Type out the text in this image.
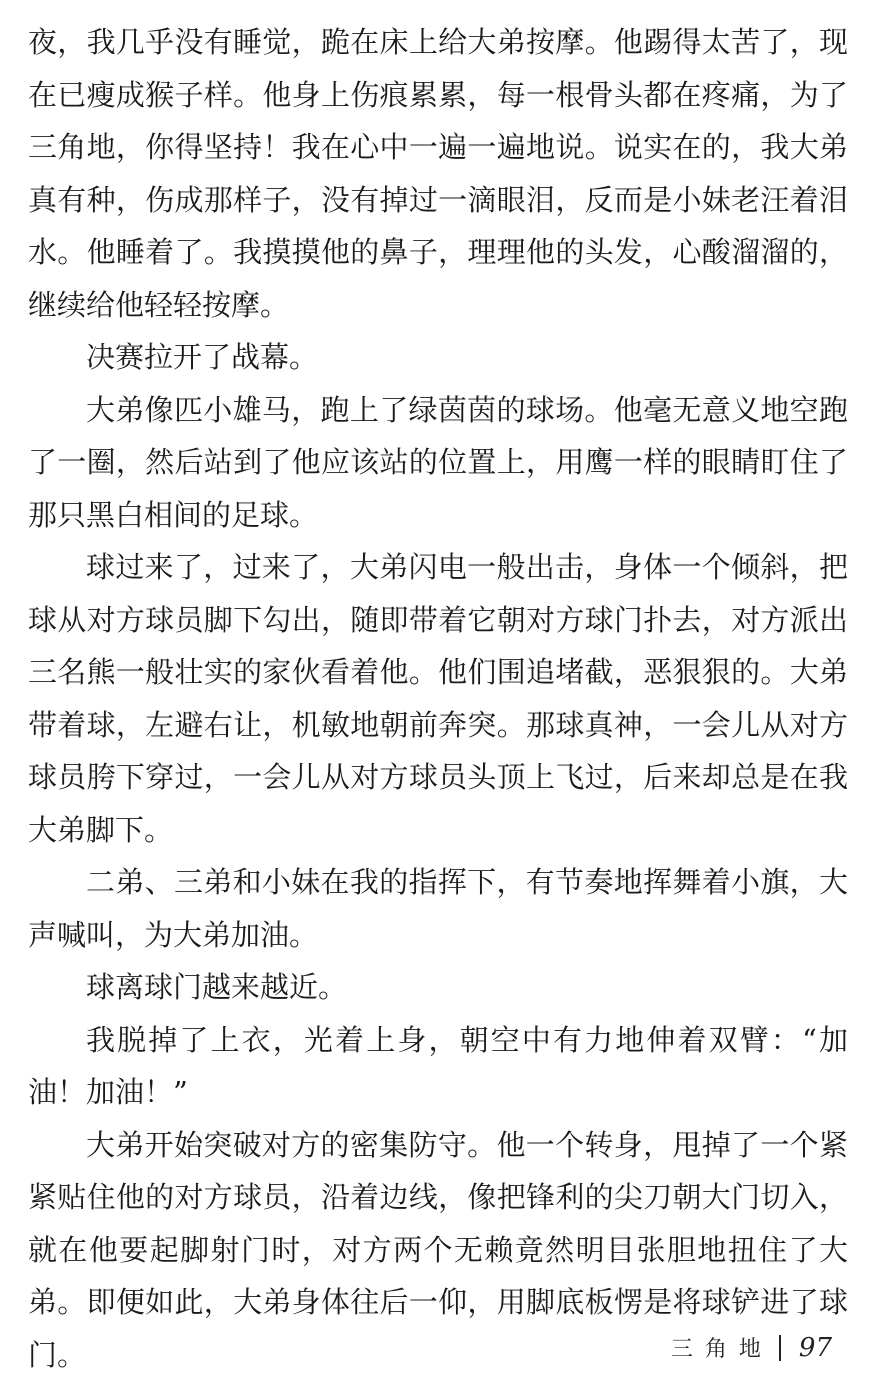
夜，我几乎没有睡觉，跪在床上给大弟按摩。他踢得太苦了，现在已瘦成猴子样。他身上伤痕累累，每一根骨头都在疼痛，为了三角地，你得坚持！我在心中一遍一遍地说。说实在的，我大弟真有种，伤成那样子，没有掉过一滴眼泪，反而是小妹老汪着泪水。他睡着了。我摸摸他的鼻子，理理他的头发，心酸溜溜的，继续给他轻轻按摩。

决赛拉开了战幕。

大弟像匹小雄马，跑上了绿茵茵的球场。他毫无意义地空跑了一圈，然后站到了他应该站的位置上，用鹰一样的眼睛盯住了那只黑白相间的足球。

球过来了，过来了，大弟闪电一般出击，身体一个倾斜，把球从对方球员脚下勾出，随即带着它朝对方球门扑去，对方派出三名熊一般壮实的家伙看着他。他们围追堵截，恶狠狠的。大弟带着球，左避右让，机敏地朝前奔突。那球真神，一会儿从对方球员胯下穿过，一会儿从对方球员头顶上飞过，后来却总是在我大弟脚下。

二弟、三弟和小妹在我的指挥下，有节奏地挥舞着小旗，大声喊叫，为大弟加油。

球离球门越来越近。

我脱掉了上衣，光着上身，朝空中有力地伸着双臂：“加油！加油！”

大弟开始突破对方的密集防守。他一个转身，甩掉了一个紧紧贴住他的对方球员，沿着边线，像把锋利的尖刀朝大门切入，就在他要起脚射门时，对方两个无赖竟然明目张胆地扭住了大弟。即便如此，大弟身体往后一仰，用脚底板愣是将球铲进了球门。	三角地 97
